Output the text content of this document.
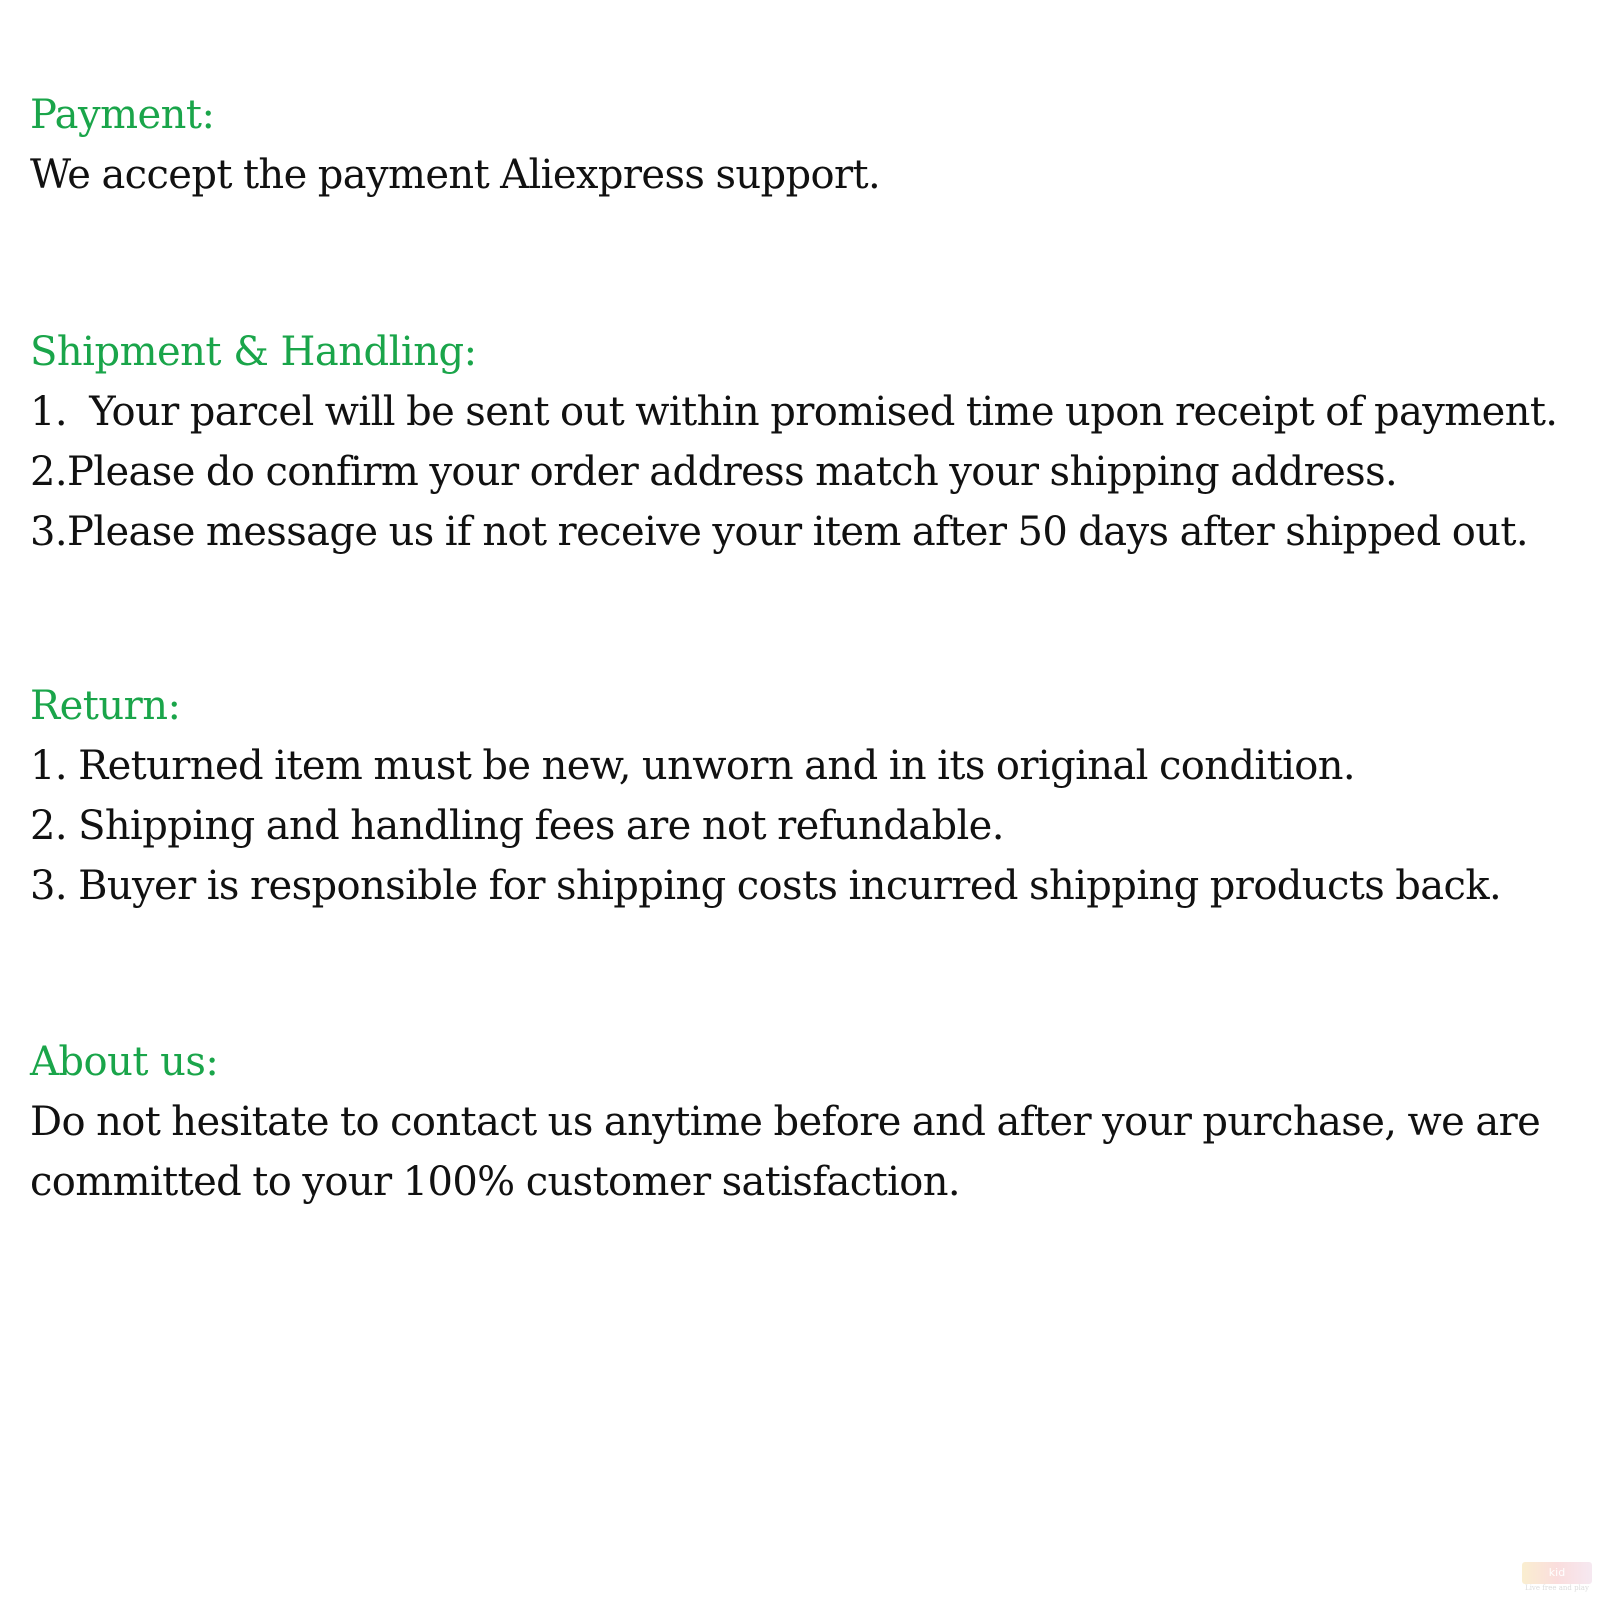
Payment:
We accept the payment Aliexpress support.
Shipment & Handling:
1.  Your parcel will be sent out within promised time upon receipt of payment.
2.Please do confirm your order address match your shipping address.
3.Please message us if not receive your item after 50 days after shipped out.
Return:
1. Returned item must be new, unworn and in its original condition.
2. Shipping and handling fees are not refundable.
3. Buyer is responsible for shipping costs incurred shipping products back.
About us:
Do not hesitate to contact us anytime before and after your purchase, we are
committed to your 100% customer satisfaction.
kid
Live free and play
